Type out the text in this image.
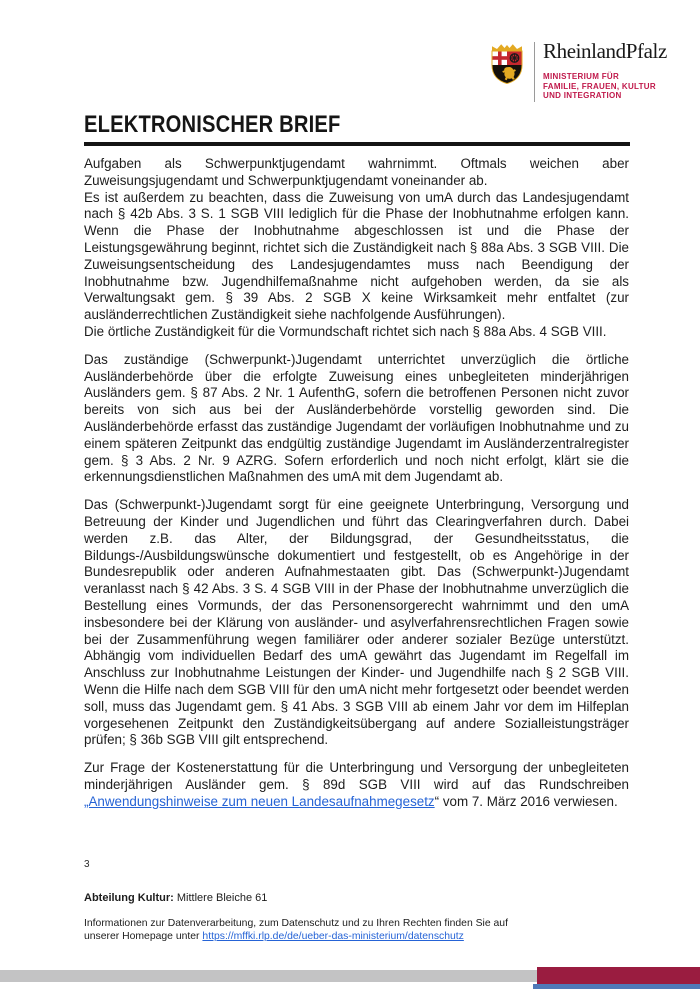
RheinlandPfalz
MINISTERIUM FÜR
FAMILIE, FRAUEN, KULTUR
UND INTEGRATION
ELEKTRONISCHER BRIEF

Aufgaben als Schwerpunktjugendamt wahrnimmt. Oftmals weichen aber Zuweisungsjugendamt und Schwerpunktjugendamt voneinander ab.

Es ist außerdem zu beachten, dass die Zuweisung von umA durch das Landesjugendamt nach § 42b Abs. 3 S. 1 SGB VIII lediglich für die Phase der Inobhutnahme erfolgen kann. Wenn die Phase der Inobhutnahme abgeschlossen ist und die Phase der Leistungsgewährung beginnt, richtet sich die Zuständigkeit nach § 88a Abs. 3 SGB VIII. Die Zuweisungsentscheidung des Landesjugendamtes muss nach Beendigung der Inobhutnahme bzw. Jugendhilfemaßnahme nicht aufgehoben werden, da sie als Verwaltungsakt gem. § 39 Abs. 2 SGB X keine Wirksamkeit mehr entfaltet (zur ausländerrechtlichen Zuständigkeit siehe nachfolgende Ausführungen).

Die örtliche Zuständigkeit für die Vormundschaft richtet sich nach § 88a Abs. 4 SGB VIII.

Das zuständige (Schwerpunkt-)Jugendamt unterrichtet unverzüglich die örtliche Ausländerbehörde über die erfolgte Zuweisung eines unbegleiteten minderjährigen Ausländers gem. § 87 Abs. 2 Nr. 1 AufenthG, sofern die betroffenen Personen nicht zuvor bereits von sich aus bei der Ausländerbehörde vorstellig geworden sind. Die Ausländerbehörde erfasst das zuständige Jugendamt der vorläufigen Inobhutnahme und zu einem späteren Zeitpunkt das endgültig zuständige Jugendamt im Ausländerzentralregister gem. § 3 Abs. 2 Nr. 9 AZRG. Sofern erforderlich und noch nicht erfolgt, klärt sie die erkennungsdienstlichen Maßnahmen des umA mit dem Jugendamt ab.

Das (Schwerpunkt-)Jugendamt sorgt für eine geeignete Unterbringung, Versorgung und Betreuung der Kinder und Jugendlichen und führt das Clearingverfahren durch. Dabei werden z.B. das Alter, der Bildungsgrad, der Gesundheitsstatus, die Bildungs-/Ausbildungswünsche dokumentiert und festgestellt, ob es Angehörige in der Bundesrepublik oder anderen Aufnahmestaaten gibt. Das (Schwerpunkt-)Jugendamt veranlasst nach § 42 Abs. 3 S. 4 SGB VIII in der Phase der Inobhutnahme unverzüglich die Bestellung eines Vormunds, der das Personensorgerecht wahrnimmt und den umA insbesondere bei der Klärung von ausländer- und asylverfahrensrechtlichen Fragen sowie bei der Zusammenführung wegen familiärer oder anderer sozialer Bezüge unterstützt. Abhängig vom individuellen Bedarf des umA gewährt das Jugendamt im Regelfall im Anschluss zur Inobhutnahme Leistungen der Kinder- und Jugendhilfe nach § 2 SGB VIII. Wenn die Hilfe nach dem SGB VIII für den umA nicht mehr fortgesetzt oder beendet werden soll, muss das Jugendamt gem. § 41 Abs. 3 SGB VIII ab einem Jahr vor dem im Hilfeplan vorgesehenen Zeitpunkt den Zuständigkeitsübergang auf andere Sozialleistungsträger prüfen; § 36b SGB VIII gilt entsprechend.

Zur Frage der Kostenerstattung für die Unterbringung und Versorgung der unbegleiteten minderjährigen Ausländer gem. § 89d SGB VIII wird auf das Rundschreiben „Anwendungshinweise zum neuen Landesaufnahmegesetz“ vom 7. März 2016 verwiesen.

3
Abteilung Kultur: Mittlere Bleiche 61
Informationen zur Datenverarbeitung, zum Datenschutz und zu Ihren Rechten finden Sie auf
unserer Homepage unter https://mffki.rlp.de/de/ueber-das-ministerium/datenschutz
